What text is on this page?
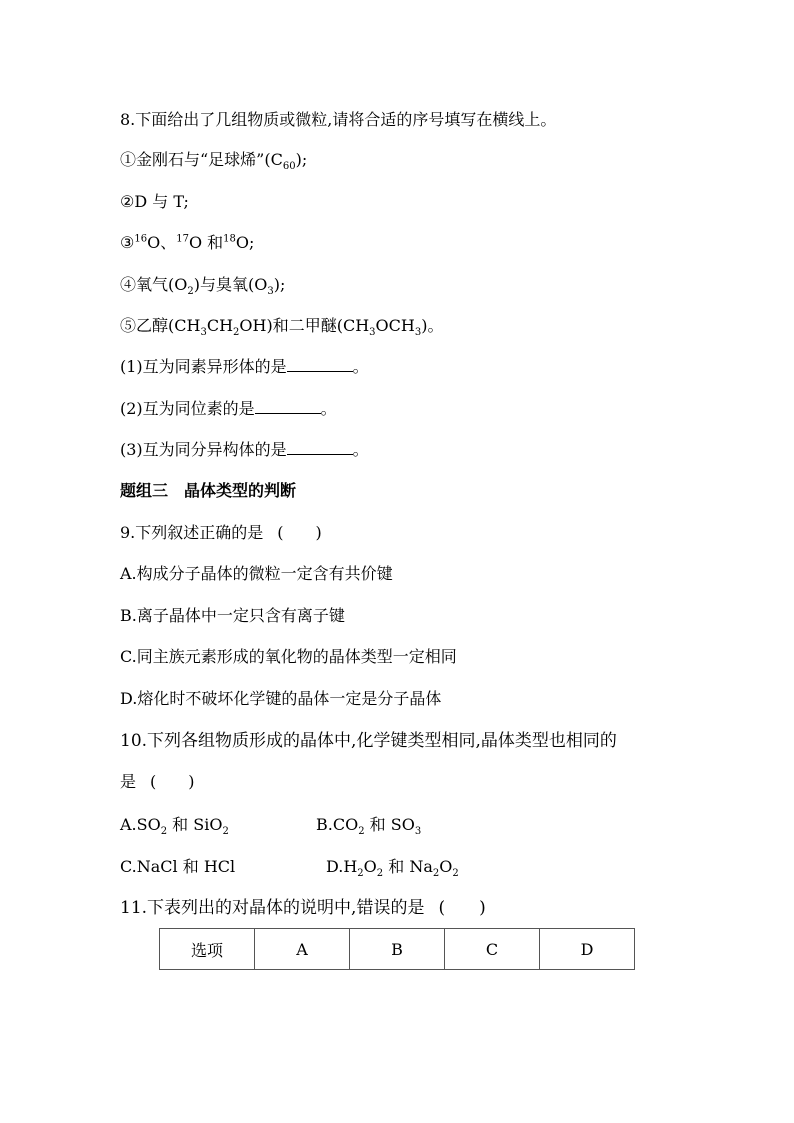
8.下面给出了几组物质或微粒,请将合适的序号填写在横线上。
①金刚石与“足球烯$”(C_{60})$;
②D 与 T;
③$^{16}$O、$^{17}$O 和$^{18}$O;
④氧气$(O_2)$与臭氧$(O_3)$;
⑤乙醇$(CH_3CH_2OH)$和二甲醚$(CH_3OCH_3)$。
(1)互为同素异形体的是	。
(2)互为同位素的是	。
(3)互为同分异构体的是	。
题组三　晶体类型的判断
9.下列叙述正确的是 (　　)
A.构成分子晶体的微粒一定含有共价键
B.离子晶体中一定只含有离子键
C.同主族元素形成的氧化物的晶体类型一定相同
D.熔化时不破坏化学键的晶体一定是分子晶体
10.下列各组物质形成的晶体中,化学键类型相同,晶体类型也相同的
是 (　　)
$A.SO_2$ 和 SiO$_2$	$B.CO_2$ 和 $SO_3$
C.NaCl 和 HCl	$D.H_2O_2$ 和 $Na_2O_2$
11.下表列出的对晶体的说明中,错误的是 (　　)
选项	A	B	C	D
